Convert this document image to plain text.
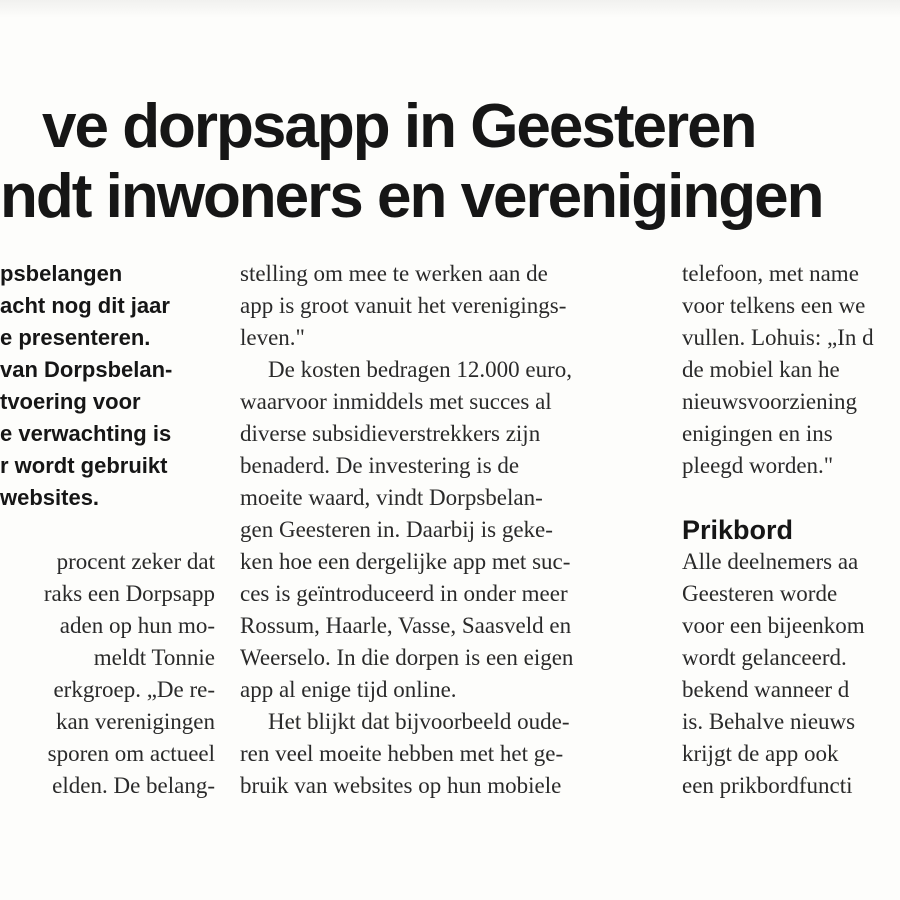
ve dorpsapp in Geesteren
ndt inwoners en verenigingen
psbelangen
acht nog dit jaar
e presenteren.
van Dorpsbelan-
tvoering voor
e verwachting is
r wordt gebruikt
websites.
procent zeker dat
raks een Dorpsapp
aden op hun mo-
meldt Tonnie
erkgroep. „De re-
kan verenigingen
sporen om actueel
elden. De belang-
stelling om mee te werken aan de
app is groot vanuit het verenigings-
leven."
De kosten bedragen 12.000 euro,
waarvoor inmiddels met succes al
diverse subsidieverstrekkers zijn
benaderd. De investering is de
moeite waard, vindt Dorpsbelan-
gen Geesteren in. Daarbij is geke-
ken hoe een dergelijke app met suc-
ces is geïntroduceerd in onder meer
Rossum, Haarle, Vasse, Saasveld en
Weerselo. In die dorpen is een eigen
app al enige tijd online.
Het blijkt dat bijvoorbeeld oude-
ren veel moeite hebben met het ge-
bruik van websites op hun mobiele
telefoon, met name
voor telkens een we
vullen. Lohuis: „In d
de mobiel kan he
nieuwsvoorziening
enigingen en ins
pleegd worden."
Prikbord
Alle deelnemers aa
Geesteren worde
voor een bijeenkom
wordt gelanceerd.
bekend wanneer d
is. Behalve nieuws
krijgt de app ook
een prikbordfuncti
